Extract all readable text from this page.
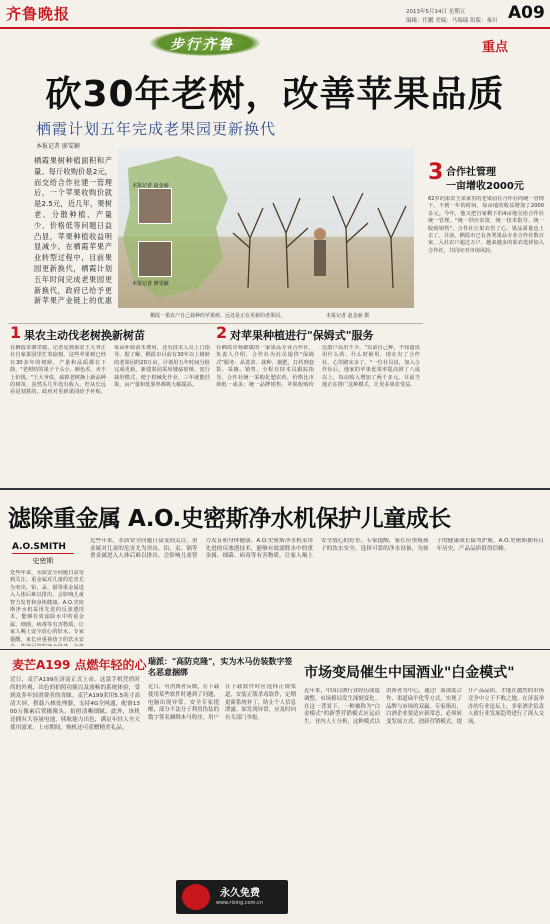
齐鲁晚报	2013年5月14日 星期五
编辑：任鹏 美编：马瑞瑞 组版：秦川 A09
重点
步行齐鲁
砍30年老树，改善苹果品质
栖霞计划五年完成老果园更新换代
本报记者 廖雯颖
栖霞果树种植面积和产量、每斤收购价是2元，而交给合作社建一管理后，一个苹果收购价就是2.5元，近几年，果树老、分散种植、产量少、价格低等问题日益凸显，苹果种植收益明显减少。在栖霞苹果产业转型过程中，目前果园更新换代，栖霞计划五年时间完成老果园更新换代，政府已给予更新苹果产业链上的优惠
本报记者 赵金丽
本报记者 廖雯颖
栖霞一果农户自己栽种的苹果树，远处是正在更新的老果园。	本报记者 赵金丽 摄
3 合作社管理
一亩增收2000元
62岁的果农王某家里的老果园在合作社的统一管理下，不到一年的时间，每亩地的收益增加了2000多元。今年，他又把自家剩下的4亩地交给合作社统一管理。"统一供应农资、统一技术指导、统一收购销售"，合作社让果农省了心，果品质量也上去了。目前，栖霞市已有各类果品专业合作社数百家，入社农户超过万户，越来越多的果农选择加入合作社，共同应对市场风险。
1 果农主动伐老树换新树苗
在栖霞市寨里镇，记者见到果农王大爷正在自家果园里忙着砍树。这些苹果树已经有30多年的树龄，产量和品质都在下降。"老树结的果子个头小、颜色差，卖不上价钱。"王大爷说，砍掉老树换上新品种的树苗，虽然头几年没有收入，但从长远看是划算的。政府对更新果园给予补贴，每亩补助苗木费用，还有技术人员上门指导。据了解，栖霞市目前有30年以上树龄的老果园约20万亩，计划用五年时间分批完成更新。新建果园采用矮砧密植、宽行栽培模式，便于机械化作业，三年就能挂果，亩产量和优果率都将大幅提高。
2 对苹果种植进行"保姆式"服务
在栖霞市杨础镇的一家果品专业合作社，负责人介绍，合作社为社员提供"保姆式"服务：从选苗、栽种、施肥、打药到套袋、采摘、销售，全程有技术员跟踪指导。合作社统一采购化肥农药，价格比市场低一成多；统一品牌销售，苹果收购价比散户高出不少。"以前自己种，不知道该用什么药、什么时候用，现在有了合作社，心里踏实多了。"一位社员说，加入合作社后，他家的苹果优果率提高到了八成以上，每亩收入增加了两千多元。目前当地正在推广这种模式，让更多果农受益。
滤除重金属 A.O.史密斯净水机保护儿童成长
A.O.SMITH
史密斯
近些年来，水质安全问题日益受到关注。重金属对儿童的危害尤为突出，铅、汞、镉等重金属进入人体后难以排出，会影响儿童智力发育和身体健康。A.O.史密斯净水机采用先进的反渗透技术，能够有效滤除水中的重金属、细菌、病毒等有害物质，让家人喝上安全放心的好水。专家提醒，家长应重视孩子的饮水安
近些年来，水质安全问题日益受到关注。重金属对儿童的危害尤为突出，铅、汞、镉等重金属进入人体后难以排出，会影响儿童智力发育和身体健康。A.O.史密斯净水机采用先进的反渗透技术，能够有效滤除水中的重金属、细菌、病毒等有害物质，让家人喝上安全放心的好水。专家提醒，家长应重视孩子的饮水安全，选择可靠的净水设备，为孩子的健康成长保驾护航。A.O.史密斯拥有百年历史，产品品质值得信赖。
麦芒A199 点燃年轻的心
近日，麦芒A199在济南正式上市，这款手机凭借时尚的外观、出色的拍照功能以及流畅的系统体验，受到众多年轻消费者的青睐。麦芒A199采用5.5英寸高清大屏，搭载八核处理器，支持4G全网通，配备1300万像素后置摄像头，拍照清晰细腻。此外，该机还拥有大容量电池，续航能力出色，满足年轻人全天使用需求。上市期间，购机还可获赠精美礼品。
瑞派："高防克隆"，实为木马仿装数字签名恶意捆绑
近日，有消费者反映，在下载使用某些软件时遇到了问题，电脑出现异常。安全专家提醒，部分不法分子利用伪装的数字签名捆绑木马程序，用户在下载软件时应选择正规渠道，安装正版杀毒软件，定期更新系统补丁，防止个人信息泄露。如发现异常，应及时向有关部门举报。
永久免费
www.rising.com.cn
市场变局催生中国酒业"白金模式"
近年来，中国白酒行业经历深度调整，市场格局发生深刻变化。在这一背景下，一种被称为"白金模式"的新型营销模式应运而生。业内人士分析，这种模式以消费者为中心，通过厂商深度合作、渠道扁平化等方式，实现了品牌与市场的双赢。专家指出，白酒企业要适应新常态，必须转变发展方式，创新营销模式，提升产品品质，才能在激烈的市场竞争中立于不败之地。在济南举办的行业论坛上，多家酒企负责人就行业发展趋势进行了深入交流。
